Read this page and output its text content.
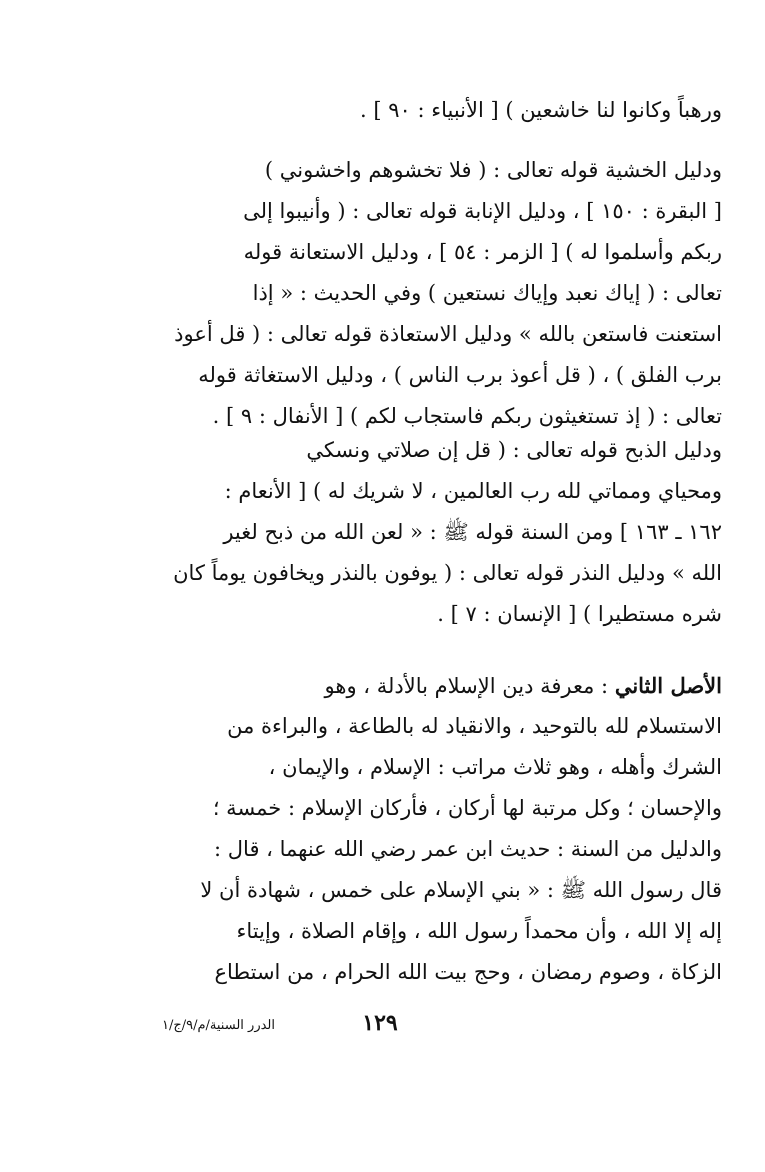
ورهباً وكانوا لنا خاشعين ) [ الأنبياء : ٩٠ ] .
ودليل الخشية قوله تعالى : ( فلا تخشوهم واخشوني )
[ البقرة : ١٥٠ ] ، ودليل الإنابة قوله تعالى : ( وأنيبوا إلى
ربكم وأسلموا له ) [ الزمر : ٥٤ ] ، ودليل الاستعانة قوله
تعالى : ( إياك نعبد وإياك نستعين ) وفي الحديث : « إذا
استعنت فاستعن بالله » ودليل الاستعاذة قوله تعالى : ( قل أعوذ
برب الفلق ) ، ( قل أعوذ برب الناس ) ، ودليل الاستغاثة قوله
تعالى : ( إذ تستغيثون ربكم فاستجاب لكم ) [ الأنفال : ٩ ] .
ودليل الذبح قوله تعالى : ( قل إن صلاتي ونسكي
ومحياي ومماتي لله رب العالمين ، لا شريك له ) [ الأنعام :
١٦٢ ـ ١٦٣ ] ومن السنة قوله ﷺ : « لعن الله من ذبح لغير
الله » ودليل النذر قوله تعالى : ( يوفون بالنذر ويخافون يوماً كان
شره مستطيرا ) [ الإنسان : ٧ ] .
الأصل الثاني : معرفة دين الإسلام بالأدلة ، وهو
الاستسلام لله بالتوحيد ، والانقياد له بالطاعة ، والبراءة من
الشرك وأهله ، وهو ثلاث مراتب : الإسلام ، والإيمان ،
والإحسان ؛ وكل مرتبة لها أركان ، فأركان الإسلام : خمسة ؛
والدليل من السنة : حديث ابن عمر رضي الله عنهما ، قال :
قال رسول الله ﷺ : « بني الإسلام على خمس ، شهادة أن لا
إله إلا الله ، وأن محمداً رسول الله ، وإقام الصلاة ، وإيتاء
الزكاة ، وصوم رمضان ، وحج بيت الله الحرام ، من استطاع
١٢٩
الدرر السنية/م/٩/ج/١
